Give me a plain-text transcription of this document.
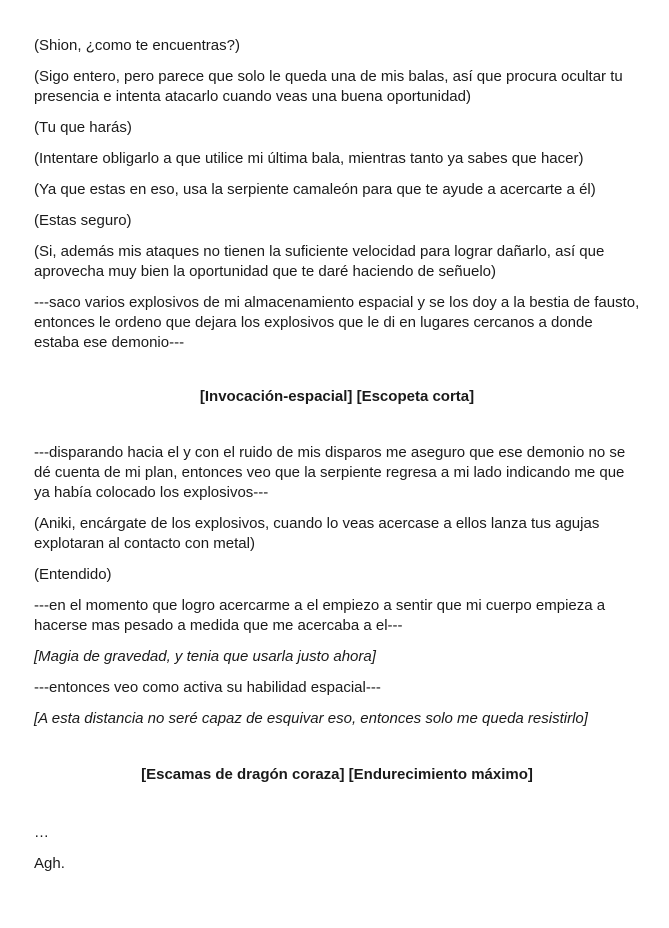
(Shion, ¿como te encuentras?)

(Sigo entero, pero parece que solo le queda una de mis balas, así que procura ocultar tu presencia e intenta atacarlo cuando veas una buena oportunidad)

(Tu que harás)

(Intentare obligarlo a que utilice mi última bala, mientras tanto ya sabes que hacer)

(Ya que estas en eso, usa la serpiente camaleón para que te ayude a acercarte a él)

(Estas seguro)

(Si, además mis ataques no tienen la suficiente velocidad para lograr dañarlo, así que aprovecha muy bien la oportunidad que te daré haciendo de señuelo)

---saco varios explosivos de mi almacenamiento espacial y se los doy a la bestia de fausto, entonces le ordeno que dejara los explosivos que le di en lugares cercanos a donde estaba ese demonio---

[Invocación-espacial] [Escopeta corta]

---disparando hacia el y con el ruido de mis disparos me aseguro que ese demonio no se dé cuenta de mi plan, entonces veo que la serpiente regresa a mi lado indicando me que ya había colocado los explosivos---

(Aniki, encárgate de los explosivos, cuando lo veas acercase a ellos lanza tus agujas explotaran al contacto con metal)

(Entendido)

---en el momento que logro acercarme a el empiezo a sentir que mi cuerpo empieza a hacerse mas pesado a medida que me acercaba a el---

[Magia de gravedad, y tenia que usarla justo ahora]

---entonces veo como activa su habilidad espacial---

[A esta distancia no seré capaz de esquivar eso, entonces solo me queda resistirlo]

[Escamas de dragón coraza] [Endurecimiento máximo]

…

Agh.
